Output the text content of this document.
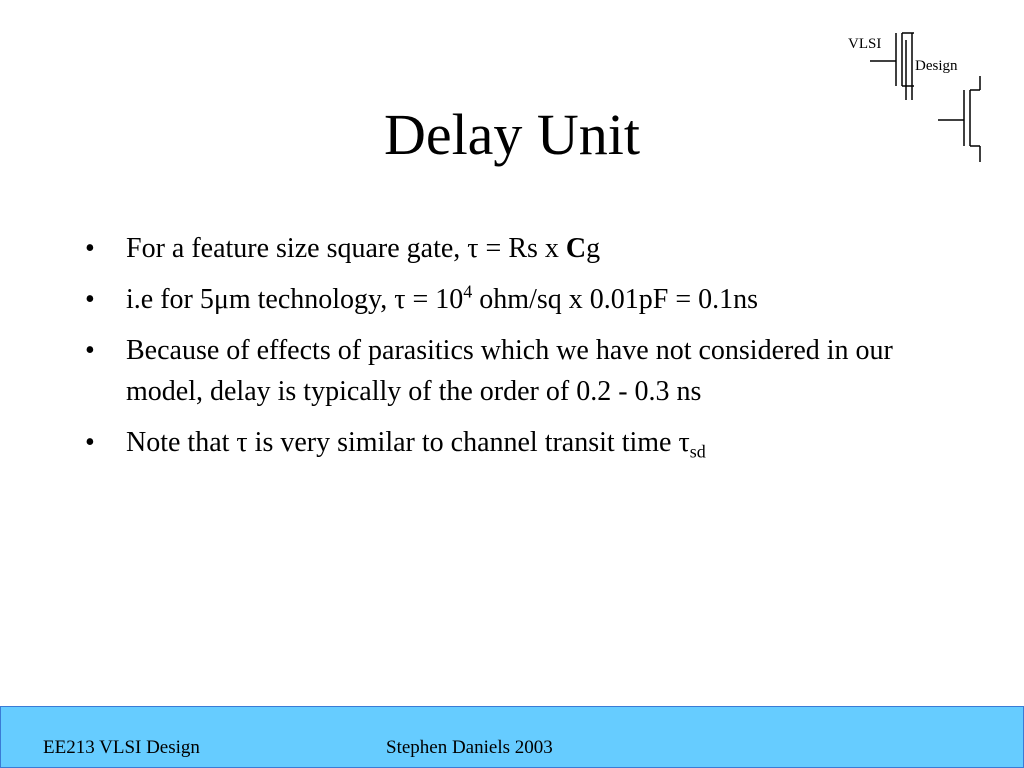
VLSI
Design
Delay Unit
• For a feature size square gate, τ = Rs x Cg
• i.e for 5μm technology, $\tau = 10^4$ ohm/sq x 0.01pF = 0.1ns
• Because of effects of parasitics which we have not considered in our model, delay is typically of the order of 0.2 - 0.3 ns
• Note that τ is very similar to channel transit time $\tau_{sd}$
EE213 VLSI Design	Stephen Daniels 2003
